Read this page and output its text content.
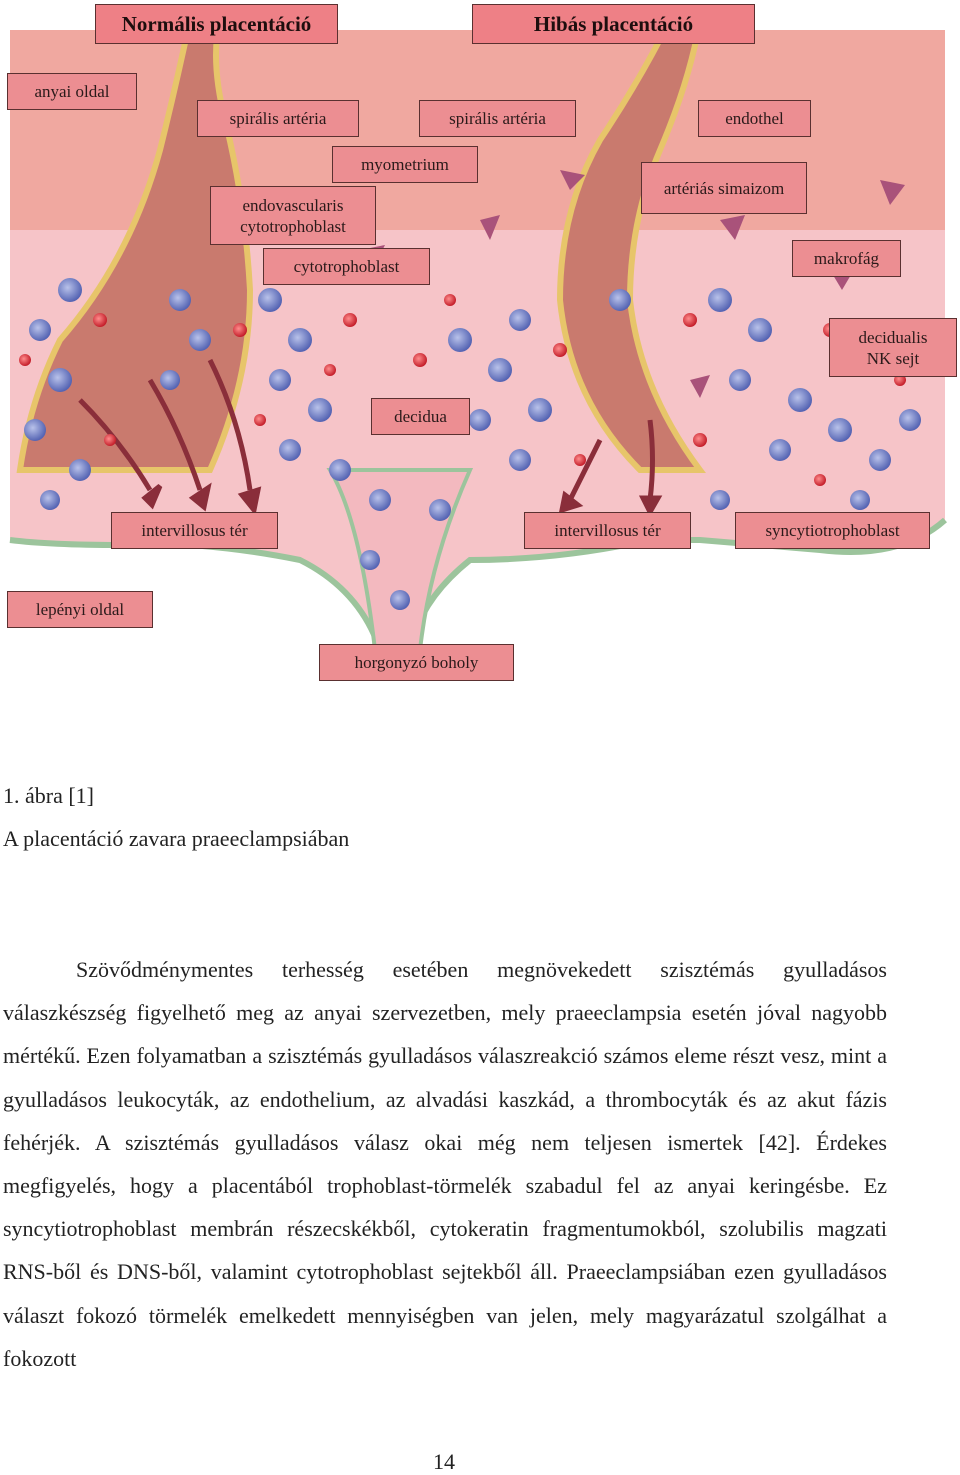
Normális placentáció	Hibás placentáció
anyai oldal
spirális artéria	spirális artéria	endothel
myometrium
endovascularis cytotrophoblast
artériás simaizom
cytotrophoblast	makrofág
decidualis NK sejt
decidua
intervillosus tér	intervillosus tér	syncytiotrophoblast
lepényi oldal
horgonyzó boholy
1. ábra [1]
A placentáció zavara praeeclampsiában

Szövődménymentes terhesség esetében megnövekedett szisztémás gyulladásos válaszkészség figyelhető meg az anyai szervezetben, mely praeeclampsia esetén jóval nagyobb mértékű. Ezen folyamatban a szisztémás gyulladásos válaszreakció számos eleme részt vesz, mint a gyulladásos leukocyták, az endothelium, az alvadási kaszkád, a thrombocyták és az akut fázis fehérjék. A szisztémás gyulladásos válasz okai még nem teljesen ismertek [42]. Érdekes megfigyelés, hogy a placentából trophoblast-törmelék szabadul fel az anyai keringésbe. Ez syncytiotrophoblast membrán részecskékből, cytokeratin fragmentumokból, szolubilis magzati RNS-ből és DNS-ből, valamint cytotrophoblast sejtekből áll. Praeeclampsiában ezen gyulladásos választ fokozó törmelék emelkedett mennyiségben van jelen, mely magyarázatul szolgálhat a fokozott

14
